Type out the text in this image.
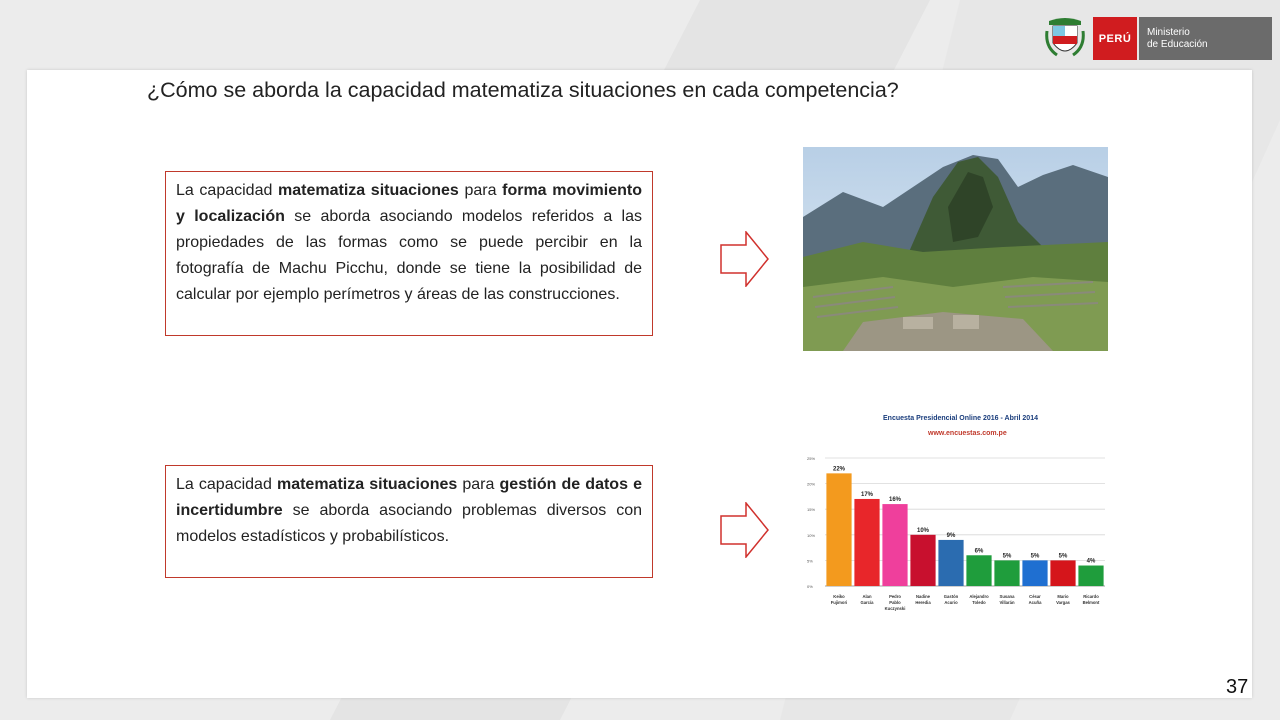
PERÚ
Ministerio
de Educación
¿Cómo se aborda la capacidad matematiza situaciones en cada competencia?
La capacidad matematiza situaciones para forma movimiento y localización se aborda asociando modelos referidos a las propiedades de las formas como se puede percibir en la fotografía de Machu Picchu, donde se tiene la posibilidad de calcular por ejemplo perímetros y áreas de las construcciones.
La capacidad matematiza situaciones para gestión de datos e incertidumbre se aborda asociando problemas diversos con modelos estadísticos y probabilísticos.
Encuesta Presidencial Online 2016 - Abril 2014
www.encuestas.com.pe
0%
5%
10%
15%
20%
25%
22%
Keiko
Fujimori
17%
Alan
García
16%
Pedro
Pablo
Kuczynski
10%
Nadine
Heredia
9%
Gastón
Acurio
6%
Alejandro
Toledo
5%
Susana
Villarán
5%
César
Acuña
5%
Mario
Vargas
4%
Ricardo
Belmont
37
